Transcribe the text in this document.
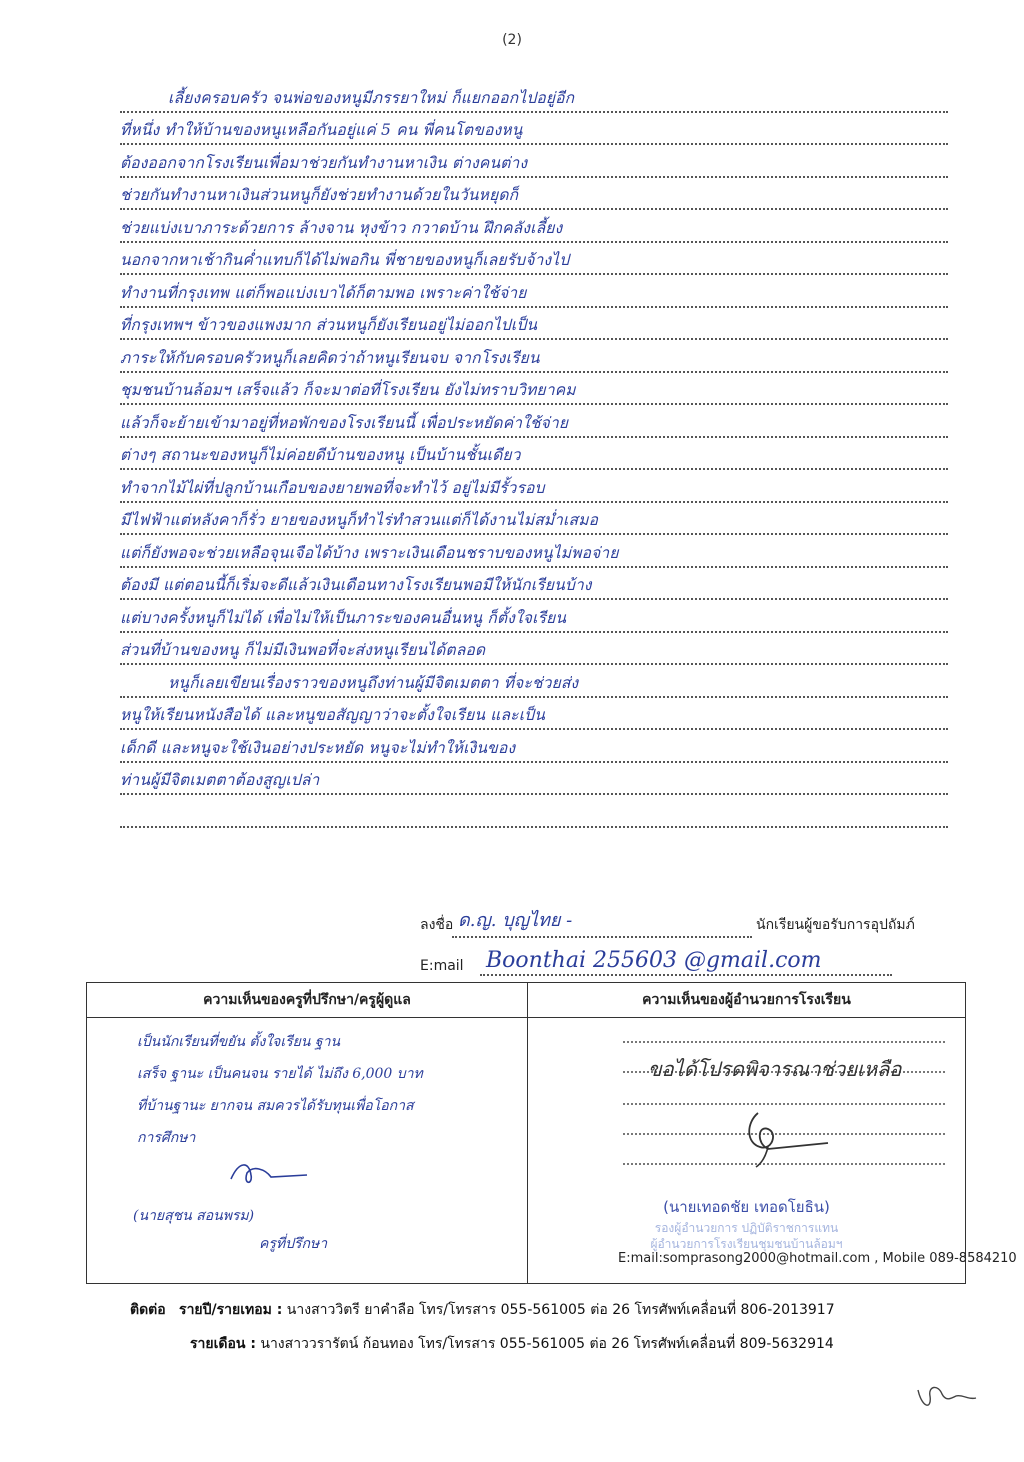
(2)
เลี้ยงครอบครัว จนพ่อของหนูมีภรรยาใหม่ ก็แยกออกไปอยู่อีก
ที่หนึ่ง ทำให้บ้านของหนูเหลือกันอยู่แค่ 5 คน พี่คนโตของหนู
ต้องออกจากโรงเรียนเพื่อมาช่วยกันทำงานหาเงิน ต่างคนต่าง
ช่วยกันทำงานหาเงินส่วนหนูก็ยังช่วยทำงานด้วยในวันหยุดก็
ช่วยแบ่งเบาภาระด้วยการ ล้างจาน หุงข้าว กวาดบ้าน ฝึกคลังเลี้ยง
นอกจากหาเช้ากินค่ำแทบก็ได้ไม่พอกิน พี่ชายของหนูก็เลยรับจ้างไป
ทำงานที่กรุงเทพ แต่ก็พอแบ่งเบาได้ก็ตามพอ เพราะค่าใช้จ่าย
ที่กรุงเทพฯ ข้าวของแพงมาก ส่วนหนูก็ยังเรียนอยู่ไม่ออกไปเป็น
ภาระให้กับครอบครัวหนูก็เลยคิดว่าถ้าหนูเรียนจบ จากโรงเรียน
ชุมชนบ้านล้อมฯ เสร็จแล้ว ก็จะมาต่อที่โรงเรียน ยังไม่ทราบวิทยาคม
แล้วก็จะย้ายเข้ามาอยู่ที่หอพักของโรงเรียนนี้ เพื่อประหยัดค่าใช้จ่าย
ต่างๆ สถานะของหนูก็ไม่ค่อยดีบ้านของหนู เป็นบ้านชั้นเดียว
ทำจากไม้ไผ่ที่ปลูกบ้านเกือบของยายพอที่จะทำไว้ อยู่ไม่มีรั้วรอบ
มีไฟฟ้าแต่หลังคาก็รั่ว ยายของหนูก็ทำไร่ทำสวนแต่ก็ได้งานไม่สม่ำเสมอ
แต่ก็ยังพอจะช่วยเหลือจุนเจือได้บ้าง เพราะเงินเดือนชราบของหนูไม่พอจ่าย
ต้องมี แต่ตอนนี้ก็เริ่มจะดีแล้วเงินเดือนทางโรงเรียนพอมีให้นักเรียนบ้าง
แต่บางครั้งหนูก็ไม่ได้ เพื่อไม่ให้เป็นภาระของคนอื่นหนู ก็ตั้งใจเรียน
ส่วนที่บ้านของหนู ก็ไม่มีเงินพอที่จะส่งหนูเรียนได้ตลอด
หนูก็เลยเขียนเรื่องราวของหนูถึงท่านผู้มีจิตเมตตา ที่จะช่วยส่ง
หนูให้เรียนหนังสือได้ และหนูขอสัญญาว่าจะตั้งใจเรียน และเป็น
เด็กดี และหนูจะใช้เงินอย่างประหยัด หนูจะไม่ทำให้เงินของ
ท่านผู้มีจิตเมตตาต้องสูญเปล่า
ลงชื่อ ด.ญ. บุญไทย -	นักเรียนผู้ขอรับการอุปถัมภ์
E:mail Boonthai 255603 @gmail.com
ความเห็นของครูที่ปรึกษา/ครูผู้ดูแล
เป็นนักเรียนที่ขยัน ตั้งใจเรียน ฐาน
เสร็จ ฐานะ เป็นคนจน รายได้ ไม่ถึง 6,000 บาท
ที่บ้านฐานะ ยากจน สมควรได้รับทุนเพื่อโอกาส
การศึกษา
(นายสุชน สอนพรม)
ครูที่ปรึกษา
ความเห็นของผู้อำนวยการโรงเรียน
ขอได้โปรดพิจารณาช่วยเหลือ
(นายเทอดชัย เทอดโยธิน)
รองผู้อำนวยการ ปฏิบัติราชการแทน
ผู้อำนวยการโรงเรียนชุมชนบ้านล้อมฯ
E:mail:somprasong2000@hotmail.com , Mobile 089-8584210
ติดต่อ รายปี/รายเทอม : นางสาววิตรี ยาคำลือ โทร/โทรสาร 055-561005 ต่อ 26 โทรศัพท์เคลื่อนที่ 806-2013917
รายเดือน : นางสาววรารัตน์ ก้อนทอง โทร/โทรสาร 055-561005 ต่อ 26 โทรศัพท์เคลื่อนที่ 809-5632914
